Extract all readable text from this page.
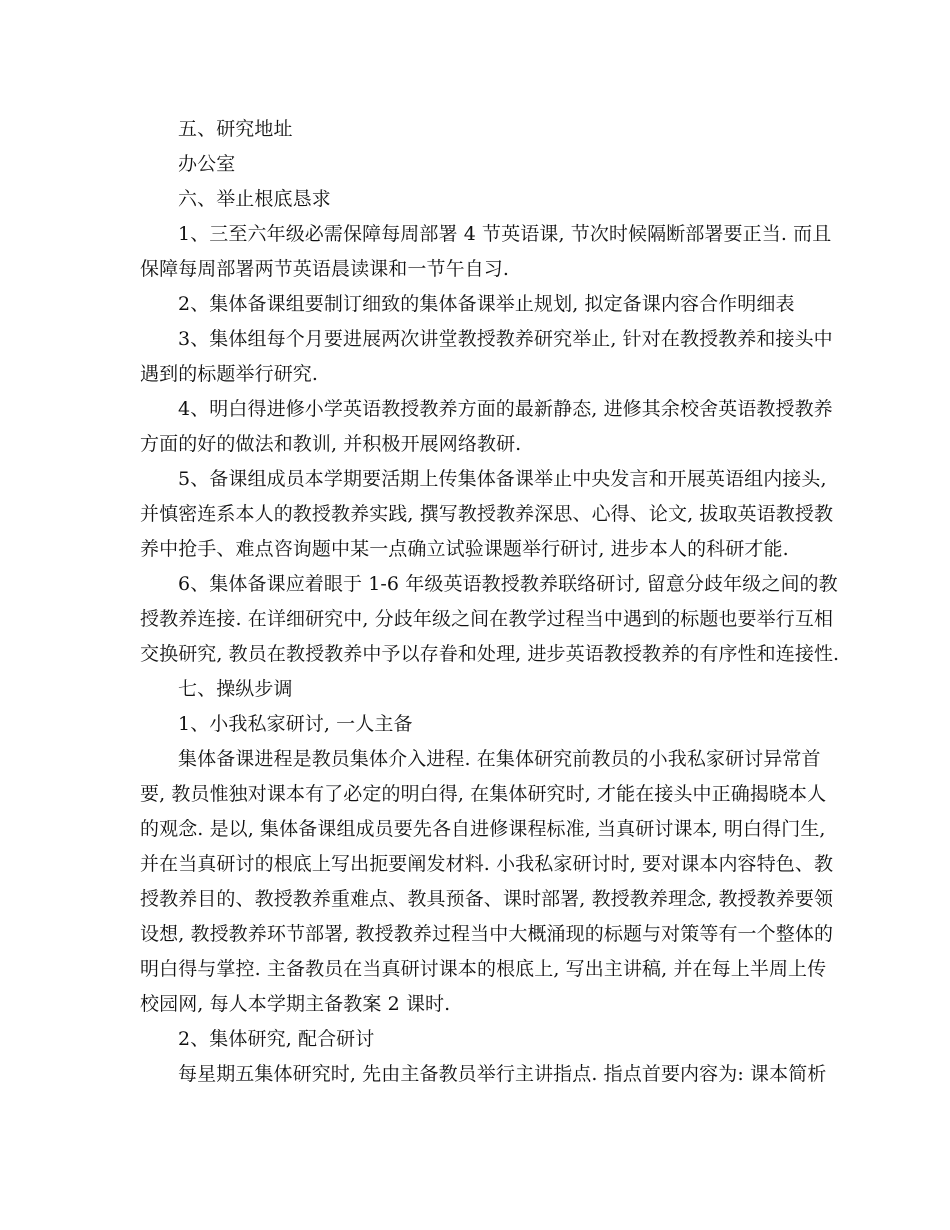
五、研究地址
办公室
六、举止根底恳求
1、三至六年级必需保障每周部署 4 节英语课, 节次时候隔断部署要正当. 而且
保障每周部署两节英语晨读课和一节午自习.
2、集体备课组要制订细致的集体备课举止规划, 拟定备课内容合作明细表
3、集体组每个月要进展两次讲堂教授教养研究举止, 针对在教授教养和接头中
遇到的标题举行研究.
4、明白得进修小学英语教授教养方面的最新静态, 进修其余校舍英语教授教养
方面的好的做法和教训, 并积极开展网络教研.
5、备课组成员本学期要活期上传集体备课举止中央发言和开展英语组内接头,
并慎密连系本人的教授教养实践, 撰写教授教养深思、心得、论文, 拔取英语教授教
养中抢手、难点咨询题中某一点确立试验课题举行研讨, 进步本人的科研才能.
6、集体备课应着眼于 1-6 年级英语教授教养联络研讨, 留意分歧年级之间的教
授教养连接. 在详细研究中, 分歧年级之间在教学过程当中遇到的标题也要举行互相
交换研究, 教员在教授教养中予以存眷和处理, 进步英语教授教养的有序性和连接性.
七、操纵步调
1、小我私家研讨, 一人主备
集体备课进程是教员集体介入进程. 在集体研究前教员的小我私家研讨异常首
要, 教员惟独对课本有了必定的明白得, 在集体研究时, 才能在接头中正确揭晓本人
的观念. 是以, 集体备课组成员要先各自进修课程标准, 当真研讨课本, 明白得门生,
并在当真研讨的根底上写出扼要阐发材料. 小我私家研讨时, 要对课本内容特色、教
授教养目的、教授教养重难点、教具预备、课时部署, 教授教养理念, 教授教养要领
设想, 教授教养环节部署, 教授教养过程当中大概涌现的标题与对策等有一个整体的
明白得与掌控. 主备教员在当真研讨课本的根底上, 写出主讲稿, 并在每上半周上传
校园网, 每人本学期主备教案 2 课时.
2、集体研究, 配合研讨
每星期五集体研究时, 先由主备教员举行主讲指点. 指点首要内容为: 课本简析
